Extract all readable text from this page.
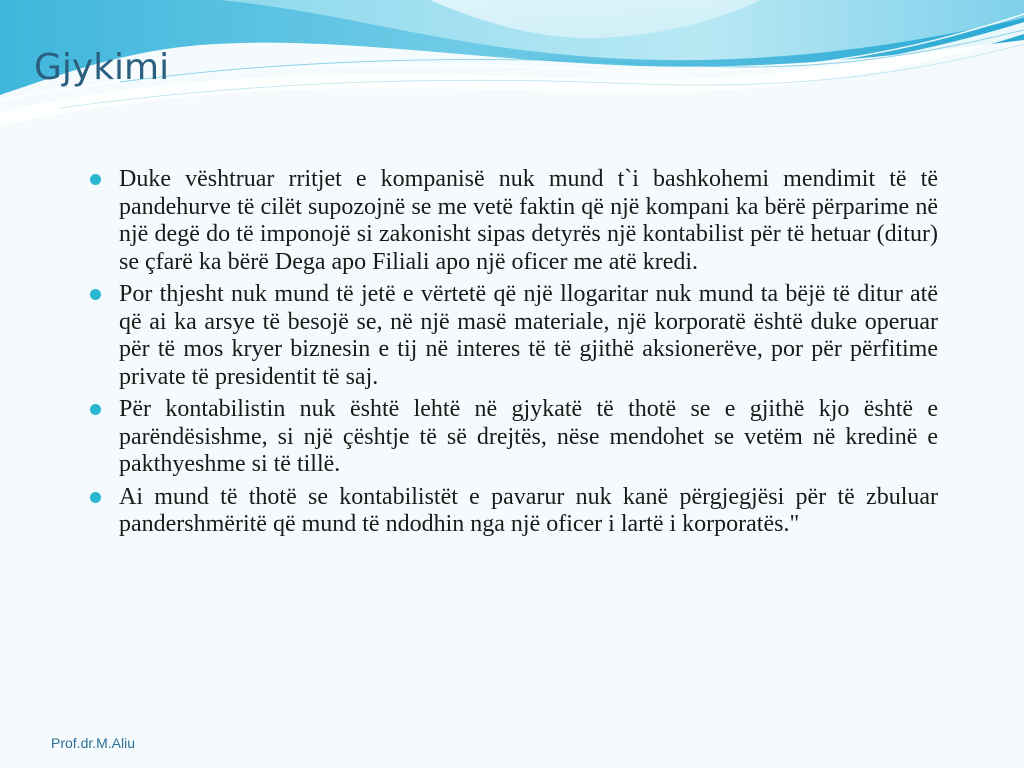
Gjykimi
Duke vështruar rritjet e kompanisë nuk mund t`i bashkohemi mendimit të të pandehurve të cilët supozojnë se me vetë faktin që një kompani ka bërë përparime në një degë do të imponojë si zakonisht sipas detyrës një kontabilist për të hetuar (ditur) se çfarë ka bërë Dega apo Filiali apo një oficer me atë kredi.
Por thjesht nuk mund të jetë e vërtetë që një llogaritar nuk mund ta bëjë të ditur atë që ai ka arsye të besojë se, në një masë materiale, një korporatë është duke operuar për të mos kryer biznesin e tij në interes të të gjithë aksionerëve, por për përfitime private të presidentit të saj.
Për kontabilistin nuk është lehtë në gjykatë të thotë se e gjithë kjo është e parëndësishme, si një çështje të së drejtës, nëse mendohet se vetëm në kredinë e pakthyeshme si të tillë.
Ai mund të thotë se kontabilistët e pavarur nuk kanë përgjegjësi për të zbuluar pandershmëritë që mund të ndodhin nga një oficer i lartë i korporatës."
Prof.dr.M.Aliu
